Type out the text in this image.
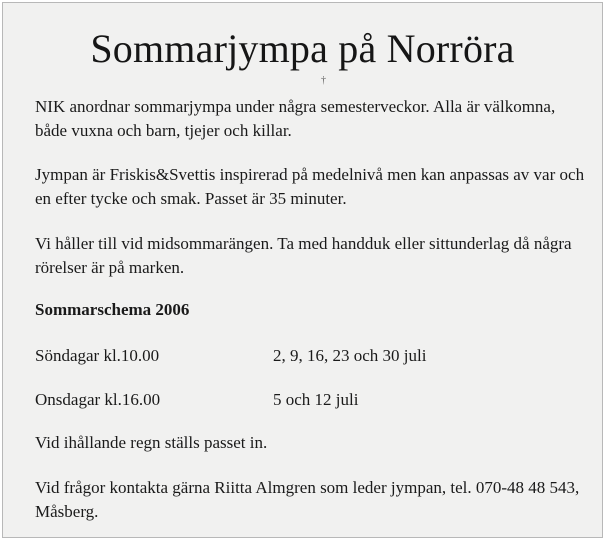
Sommarjympa på Norröra
†

NIK anordnar sommarjympa under några semesterveckor. Alla är välkomna, både vuxna och barn, tjejer och killar.

Jympan är Friskis&Svettis inspirerad på medelnivå men kan anpassas av var och en efter tycke och smak. Passet är 35 minuter.

Vi håller till vid midsommarängen. Ta med handduk eller sittunderlag då några rörelser är på marken.

Sommarschema 2006

Söndagar kl.10.00	2, 9, 16, 23 och 30 juli
Onsdagar kl.16.00	5 och 12 juli

Vid ihållande regn ställs passet in.

Vid frågor kontakta gärna Riitta Almgren som leder jympan, tel. 070-48 48 543, Måsberg.
